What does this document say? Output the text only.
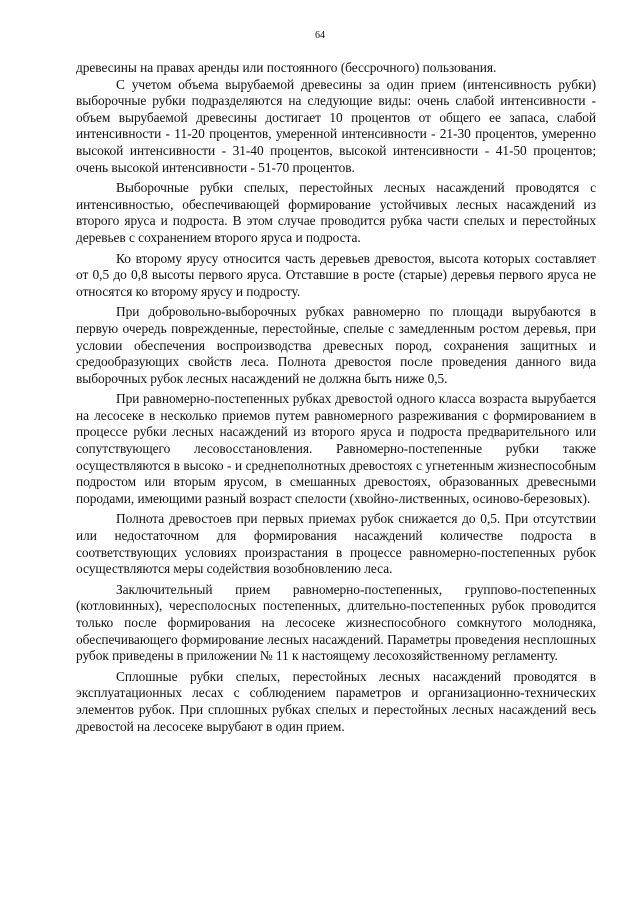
64

древесины на правах аренды или постоянного (бессрочного) пользования.

С учетом объема вырубаемой древесины за один прием (интенсивность рубки) выборочные рубки подразделяются на следующие виды: очень слабой интенсивности - объем вырубаемой древесины достигает 10 процентов от общего ее запаса, слабой интенсивности - 11-20 процентов, умеренной интенсивности - 21-30 процентов, умеренно высокой интенсивности - 31-40 процентов, высокой интенсивности - 41-50 процентов; очень высокой интенсивности - 51-70 процентов.

Выборочные рубки спелых, перестойных лесных насаждений проводятся с интенсивностью, обеспечивающей формирование устойчивых лесных насаждений из второго яруса и подроста. В этом случае проводится рубка части спелых и перестойных деревьев с сохранением второго яруса и подроста.

Ко второму ярусу относится часть деревьев древостоя, высота которых составляет от 0,5 до 0,8 высоты первого яруса. Отставшие в росте (старые) деревья первого яруса не относятся ко второму ярусу и подросту.

При добровольно-выборочных рубках равномерно по площади вырубаются в первую очередь поврежденные, перестойные, спелые с замедленным ростом деревья, при условии обеспечения воспроизводства древесных пород, сохранения защитных и средообразующих свойств леса. Полнота древостоя после проведения данного вида выборочных рубок лесных насаждений не должна быть ниже 0,5.

При равномерно-постепенных рубках древостой одного класса возраста вырубается на лесосеке в несколько приемов путем равномерного разреживания с формированием в процессе рубки лесных насаждений из второго яруса и подроста предварительного или сопутствующего лесовосстановления. Равномерно-постепенные рубки также осуществляются в высоко - и среднеполнотных древостоях с угнетенным жизнеспособным подростом или вторым ярусом, в смешанных древостоях, образованных древесными породами, имеющими разный возраст спелости (хвойно-лиственных, осиново-березовых).

Полнота древостоев при первых приемах рубок снижается до 0,5. При отсутствии или недостаточном для формирования насаждений количестве подроста в соответствующих условиях произрастания в процессе равномерно-постепенных рубок осуществляются меры содействия возобновлению леса.

Заключительный прием равномерно-постепенных, группово-постепенных (котловинных), чересполосных постепенных, длительно-постепенных рубок проводится только после формирования на лесосеке жизнеспособного сомкнутого молодняка, обеспечивающего формирование лесных насаждений. Параметры проведения несплошных рубок приведены в приложении № 11 к настоящему лесохозяйственному регламенту.

Сплошные рубки спелых, перестойных лесных насаждений проводятся в эксплуатационных лесах с соблюдением параметров и организационно-технических элементов рубок. При сплошных рубках спелых и перестойных лесных насаждений весь древостой на лесосеке вырубают в один прием.
